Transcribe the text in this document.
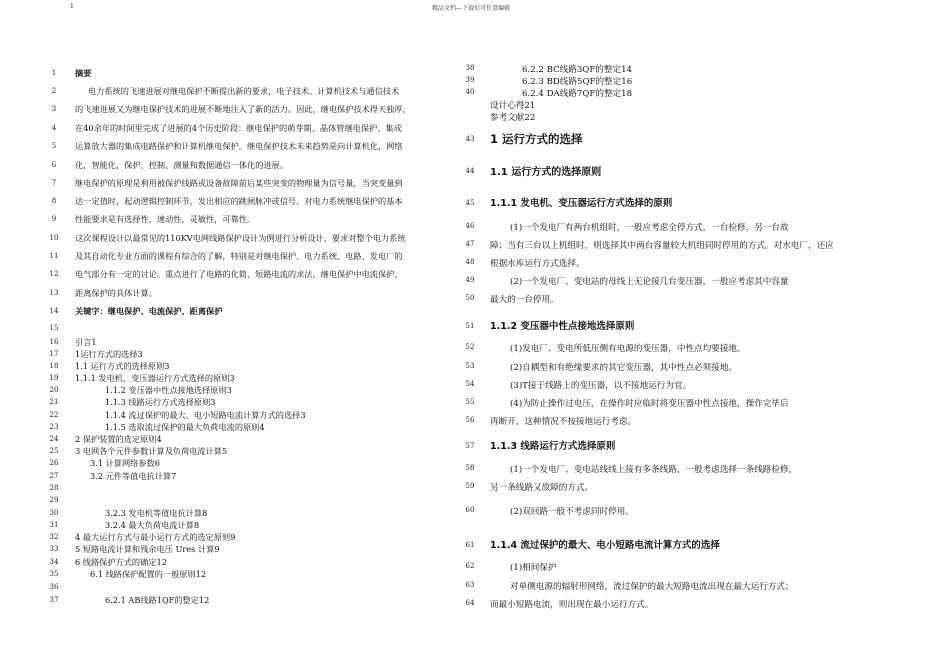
1	精品文档---下载后可任意编辑
1	摘要
2	电力系统的飞速进展对继电保护不断提出新的要求，电子技术、计算机技术与通信技术
3	的飞速进展又为继电保护技术的进展不断地注入了新的活力。因此，继电保护技术得天独厚，
4	在40余年的时间里完成了进展的4个历史阶段：继电保护的萌芽期、晶体管继电保护、集成
5	运算放大器的集成电路保护和计算机继电保护。继电保护技术未来趋势是向计算机化，网络
6	化，智能化，保护、控制、测量和数据通信一体化的进展。
7	继电保护的原理是利用被保护线路或设备故障前后某些突变的物理量为信号量，当突变量到
8	达一定值时，起动逻辑控制环节，发出相应的跳闸脉冲或信号。对电力系统继电保护的基本
9	性能要求是有选择性，速动性，灵敏性，可靠性。
10	这次课程设计以最常见的110KV电网线路保护设计为例进行分析设计，要求对整个电力系统
11	及其自动化专业方面的课程有综合的了解，特别是对继电保护、电力系统、电路、发电厂的
12	电气部分有一定的讨论。重点进行了电路的化简，短路电流的求法，继电保护中电流保护、
13	距离保护的具体计算。
14	关键字：继电保护、电流保护、距离保护
15
16	引言1
17	1运行方式的选择3
18	1.1 运行方式的选择原则3
19	1.1.1 发电机、变压器运行方式选择的原则3
20	1.1.2 变压器中性点接地选择原则3
21	1.1.3 线路运行方式选择原则3
22	1.1.4 流过保护的最大、电小短路电流计算方式的选择3
23	1.1.5 选取流过保护的最大负荷电流的原则4
24	2 保护装置的选定原则4
25	3 电网各个元件参数计算及负荷电流计算5
26	3.1 计算网络参数6
27	3.2 元件等值电抗计算7
28
29
30	3.2.3 发电机等值电抗计算8
31	3.2.4 最大负荷电流计算8
32	4 最大运行方式与最小运行方式的选定原则9
33	5 短路电流计算和残余电压 Ures 计算9
34	6 线路保护方式的确定12
35	6.1 线路保护配置的一般原则12
36
37	6.2.1 AB线路1QF的整定12
38	6.2.2 BC线路3QF的整定14
39	6.2.3 BD线路5QF的整定16
40	6.2.4 DA线路7QF的整定18
设计心得21
参考文献22
43	1 运行方式的选择
44	1.1 运行方式的选择原则
45	1.1.1 发电机、变压器运行方式选择的原则
46	(1)一个发电厂有两台机组时，一般应考虑全停方式，一台检修，另一台故
47	障；当有三台以上机组时，则选择其中两台容量较大机组同时停用的方式。对水电厂，还应
48	根据水库运行方式选择。
49	(2)一个发电厂、变电站的母线上无论接几台变压器，一般应考虑其中容量
50	最大的一台停用。
51	1.1.2 变压器中性点接地选择原则
52	(1)发电厂、变电所低压侧有电源的变压器，中性点均要接地。
53	(2)自耦型和有绝缘要求的其它变压器，其中性点必须接地。
54	(3)T接于线路上的变压器，以不接地运行为宜。
55	(4)为防止操作过电压，在操作时应临时将变压器中性点接地，操作完毕后
56	再断开，这种情况不按接地运行考虑。
57	1.1.3 线路运行方式选择原则
58	(1)一个发电厂、变电站线线上接有多条线路，一般考虑选择一条线路检修，
59	另一条线路又故障的方式。
60	(2)双回路一般不考虑同时停用。
61	1.1.4 流过保护的最大、电小短路电流计算方式的选择
62	(1)相间保护
63	对单侧电源的辐射形网络，流过保护的最大短路电流出现在最大运行方式；
64	而最小短路电流，则出现在最小运行方式。
